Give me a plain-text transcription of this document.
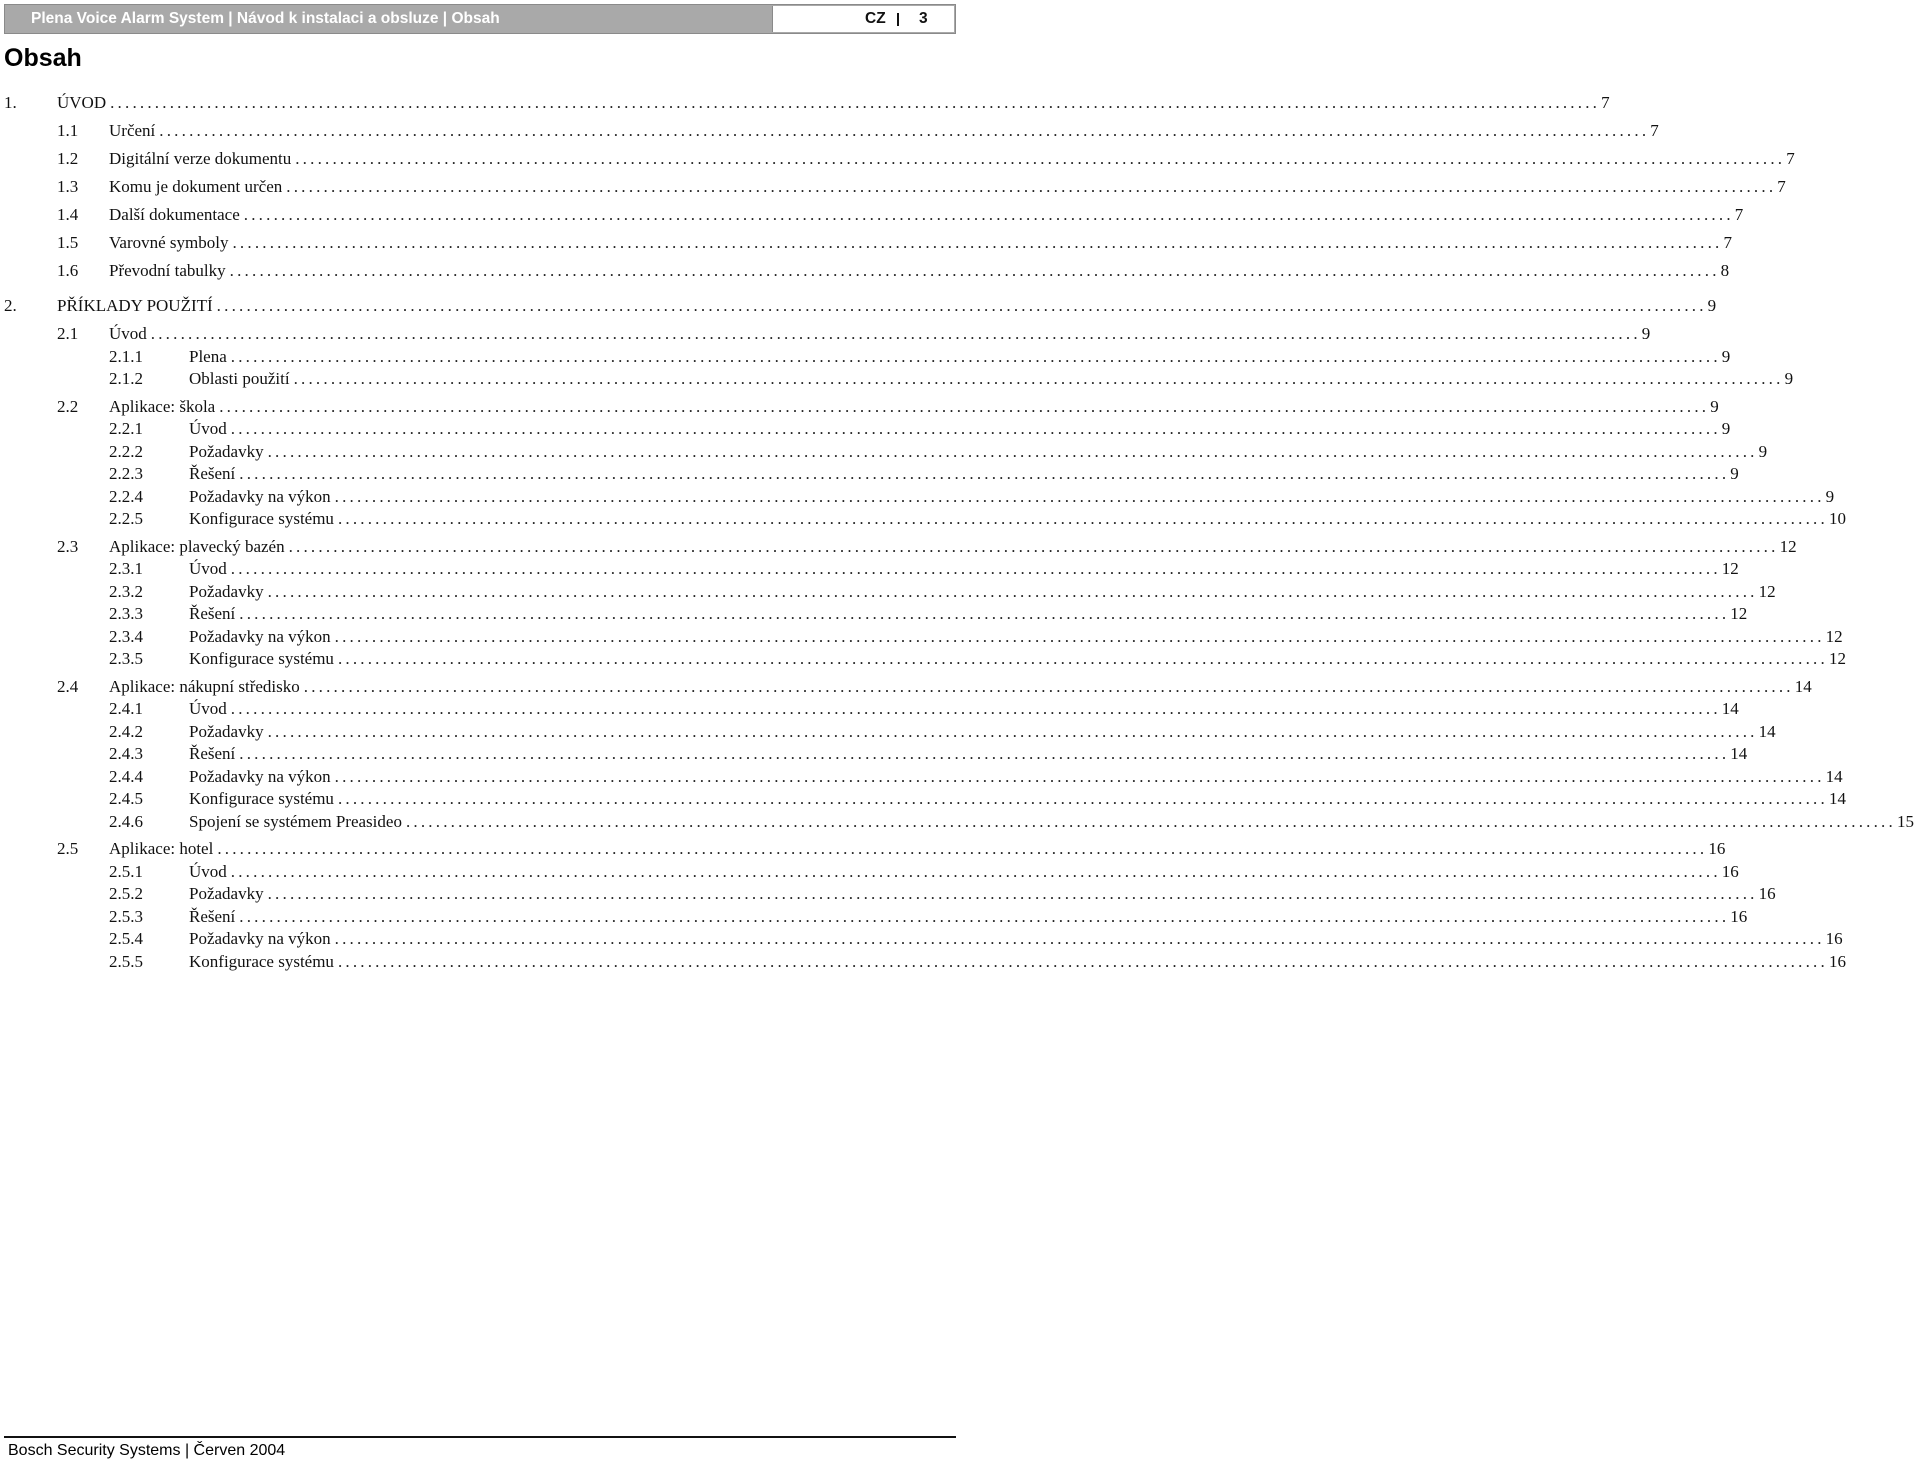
Plena Voice Alarm System | Návod k instalaci a obsluze | Obsah	CZ 3
Obsah
1. ÚVOD ........................................................................................................................................................................................................ 7
1.1 Určení ........................................................................................................................................................................................................ 7
1.2 Digitální verze dokumentu ........................................................................................................................................................................................................ 7
1.3 Komu je dokument určen ........................................................................................................................................................................................................ 7
1.4 Další dokumentace ........................................................................................................................................................................................................ 7
1.5 Varovné symboly ........................................................................................................................................................................................................ 7
1.6 Převodní tabulky ........................................................................................................................................................................................................ 8
2. PŘÍKLADY POUŽITÍ ........................................................................................................................................................................................................ 9
2.1 Úvod ........................................................................................................................................................................................................ 9
2.1.1	Plena ........................................................................................................................................................................................................ 9
2.1.2	Oblasti použití ........................................................................................................................................................................................................ 9
2.2 Aplikace: škola ........................................................................................................................................................................................................ 9
2.2.1	Úvod ........................................................................................................................................................................................................ 9
2.2.2	Požadavky ........................................................................................................................................................................................................ 9
2.2.3	Řešení ........................................................................................................................................................................................................ 9
2.2.4	Požadavky na výkon ........................................................................................................................................................................................................ 9
2.2.5	Konfigurace systému ........................................................................................................................................................................................................ 10
2.3 Aplikace: plavecký bazén ........................................................................................................................................................................................................ 12
2.3.1	Úvod ........................................................................................................................................................................................................ 12
2.3.2	Požadavky ........................................................................................................................................................................................................ 12
2.3.3	Řešení ........................................................................................................................................................................................................ 12
2.3.4	Požadavky na výkon ........................................................................................................................................................................................................ 12
2.3.5	Konfigurace systému ........................................................................................................................................................................................................ 12
2.4 Aplikace: nákupní středisko ........................................................................................................................................................................................................ 14
2.4.1	Úvod ........................................................................................................................................................................................................ 14
2.4.2	Požadavky ........................................................................................................................................................................................................ 14
2.4.3	Řešení ........................................................................................................................................................................................................ 14
2.4.4	Požadavky na výkon ........................................................................................................................................................................................................ 14
2.4.5	Konfigurace systému ........................................................................................................................................................................................................ 14
2.4.6	Spojení se systémem Preasideo ........................................................................................................................................................................................................ 15
2.5 Aplikace: hotel ........................................................................................................................................................................................................ 16
2.5.1	Úvod ........................................................................................................................................................................................................ 16
2.5.2	Požadavky ........................................................................................................................................................................................................ 16
2.5.3	Řešení ........................................................................................................................................................................................................ 16
2.5.4	Požadavky na výkon ........................................................................................................................................................................................................ 16
2.5.5	Konfigurace systému ........................................................................................................................................................................................................ 16
Bosch Security Systems | Červen 2004
